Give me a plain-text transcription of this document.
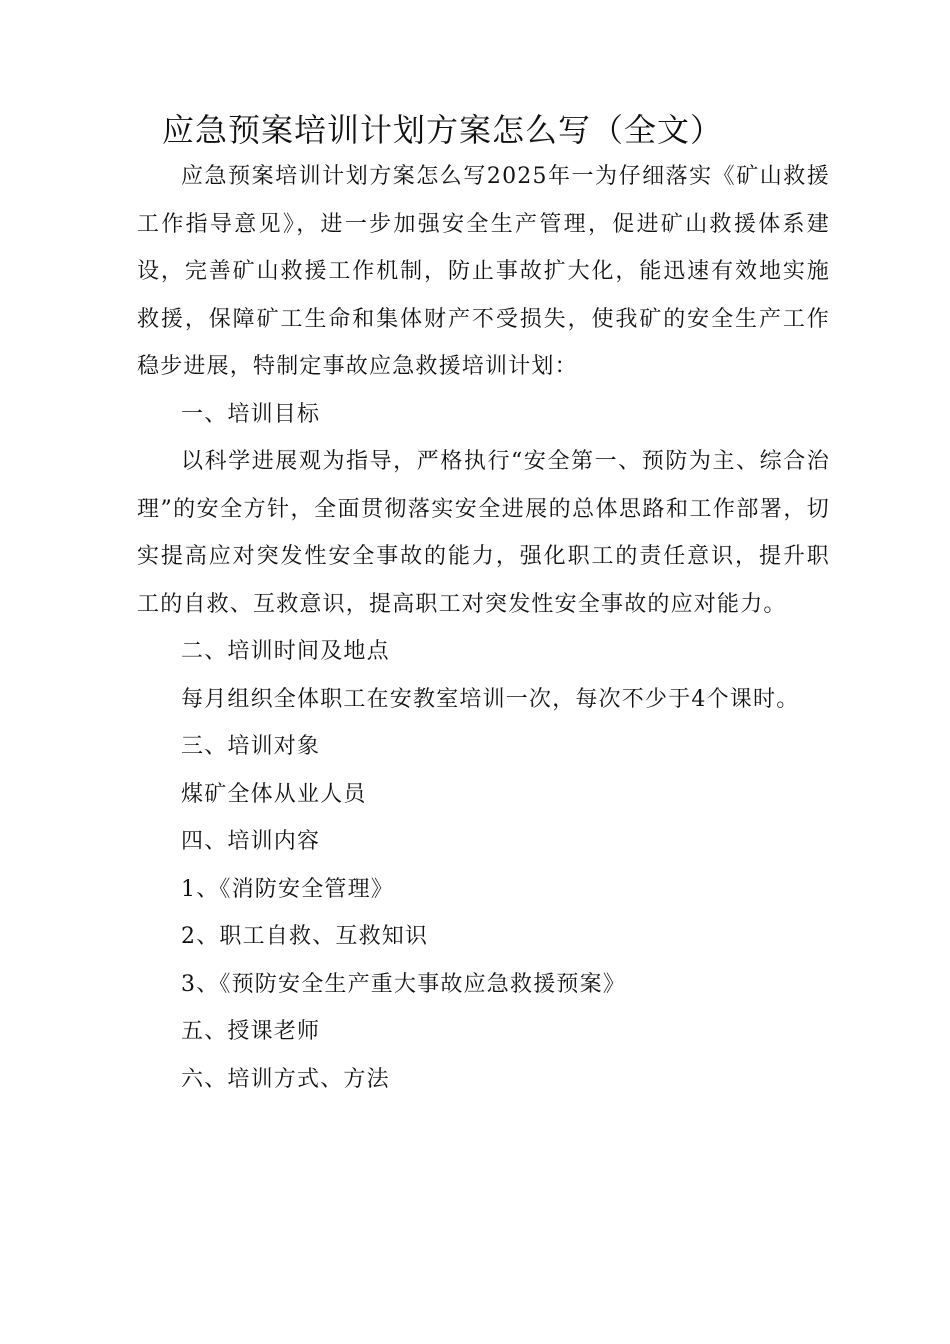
应急预案培训计划方案怎么写（全文）

应急预案培训计划方案怎么写2025年一为仔细落实《矿山救援工作指导意见》，进一步加强安全生产管理，促进矿山救援体系建设，完善矿山救援工作机制，防止事故扩大化，能迅速有效地实施救援，保障矿工生命和集体财产不受损失，使我矿的安全生产工作稳步进展，特制定事故应急救援培训计划：

一、培训目标

以科学进展观为指导，严格执行“安全第一、预防为主、综合治理”的安全方针，全面贯彻落实安全进展的总体思路和工作部署，切实提高应对突发性安全事故的能力，强化职工的责任意识，提升职工的自救、互救意识，提高职工对突发性安全事故的应对能力。

二、培训时间及地点

每月组织全体职工在安教室培训一次，每次不少于4个课时。

三、培训对象

煤矿全体从业人员

四、培训内容

1、《消防安全管理》

2、职工自救、互救知识

3、《预防安全生产重大事故应急救援预案》

五、授课老师

六、培训方式、方法
